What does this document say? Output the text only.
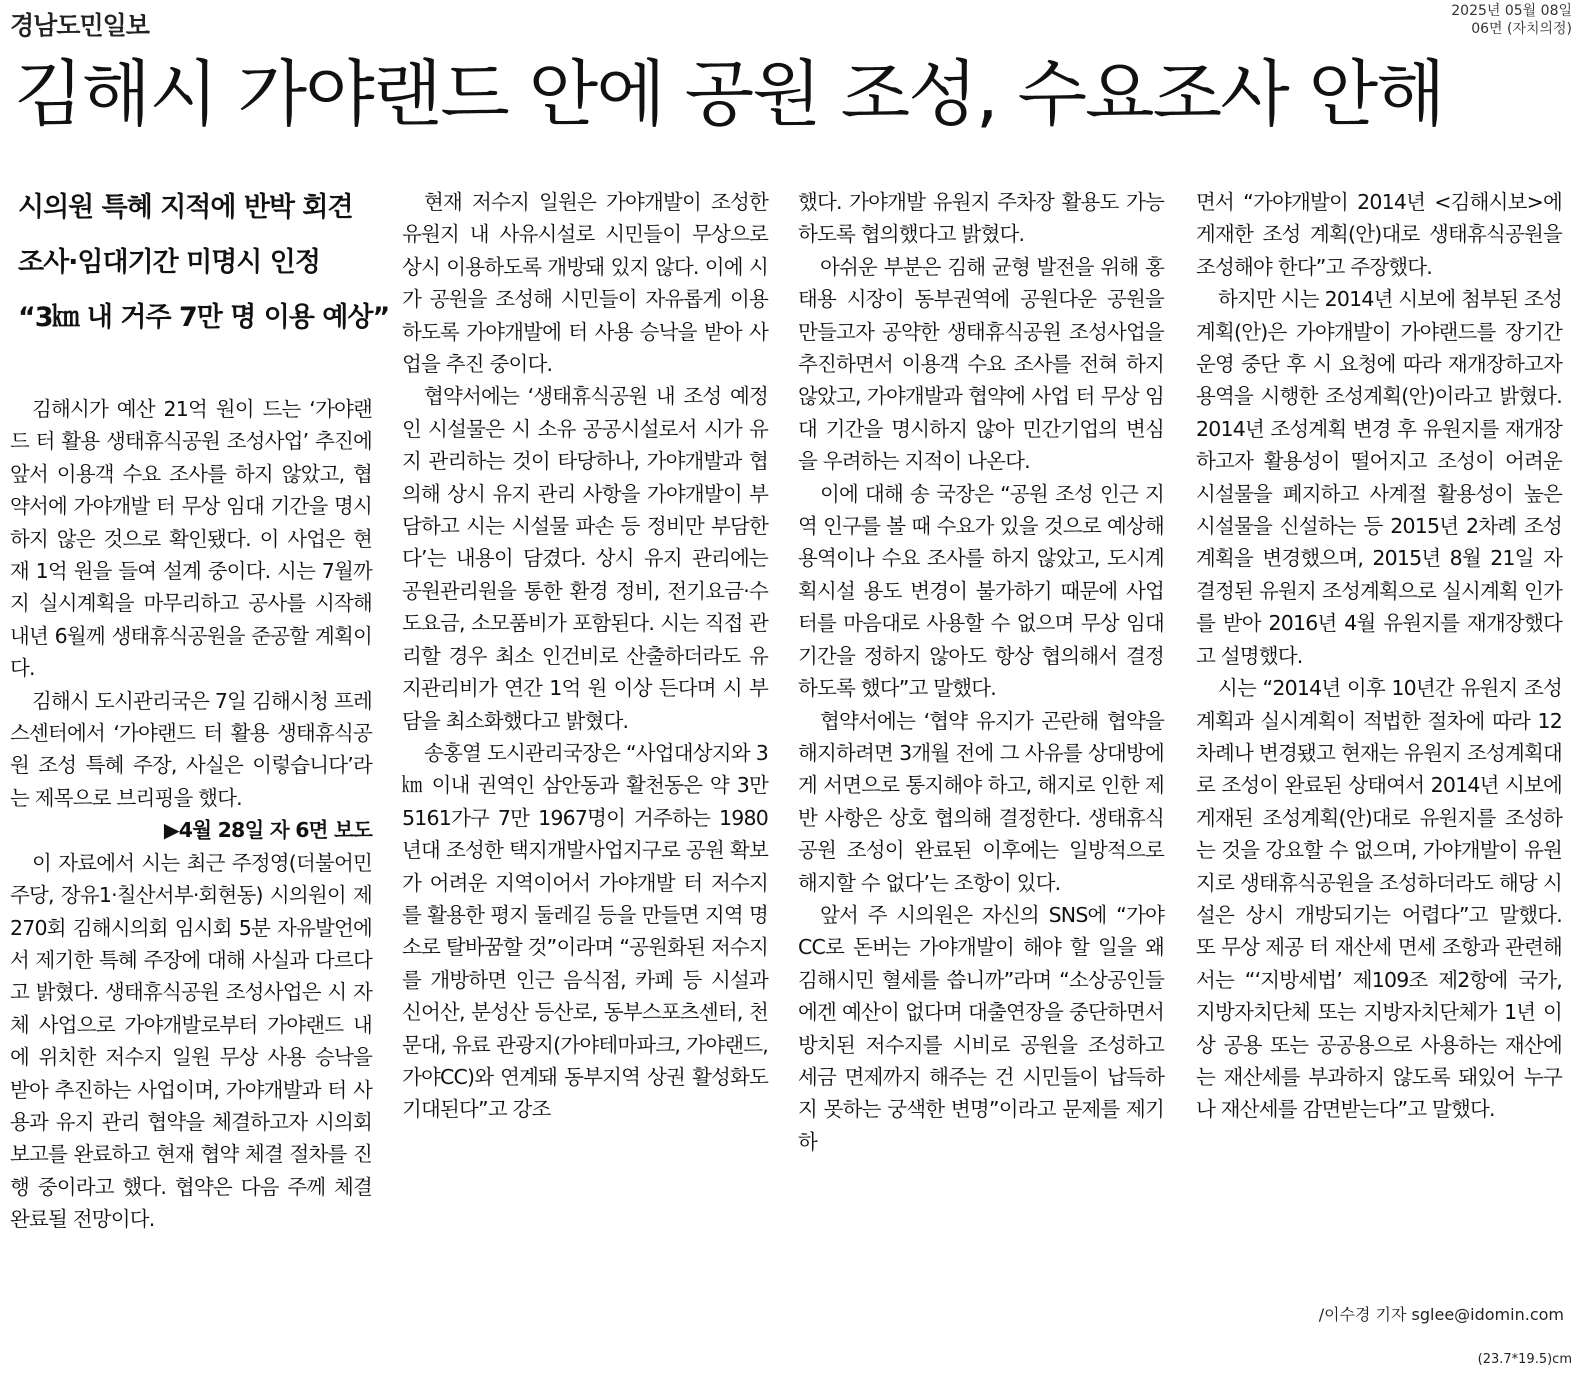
경남도민일보	2025년 05월 08일
06면 (자치의정)
김해시 가야랜드 안에 공원 조성, 수요조사 안해
시의원 특혜 지적에 반박 회견
조사·임대기간 미명시 인정
“3㎞ 내 거주 7만 명 이용 예상”

김해시가 예산 21억 원이 드는 ‘가야랜드 터 활용 생태휴식공원 조성사업’ 추진에 앞서 이용객 수요 조사를 하지 않았고, 협약서에 가야개발 터 무상 임대 기간을 명시하지 않은 것으로 확인됐다. 이 사업은 현재 1억 원을 들여 설계 중이다. 시는 7월까지 실시계획을 마무리하고 공사를 시작해 내년 6월께 생태휴식공원을 준공할 계획이다.

김해시 도시관리국은 7일 김해시청 프레스센터에서 ‘가야랜드 터 활용 생태휴식공원 조성 특혜 주장, 사실은 이렇습니다’라는 제목으로 브리핑을 했다.

▶4월 28일 자 6면 보도

이 자료에서 시는 최근 주정영(더불어민주당, 장유1·칠산서부·회현동) 시의원이 제270회 김해시의회 임시회 5분 자유발언에서 제기한 특혜 주장에 대해 사실과 다르다고 밝혔다. 생태휴식공원 조성사업은 시 자체 사업으로 가야개발로부터 가야랜드 내에 위치한 저수지 일원 무상 사용 승낙을 받아 추진하는 사업이며, 가야개발과 터 사용과 유지 관리 협약을 체결하고자 시의회 보고를 완료하고 현재 협약 체결 절차를 진행 중이라고 했다. 협약은 다음 주께 체결 완료될 전망이다.

현재 저수지 일원은 가야개발이 조성한 유원지 내 사유시설로 시민들이 무상으로 상시 이용하도록 개방돼 있지 않다. 이에 시가 공원을 조성해 시민들이 자유롭게 이용하도록 가야개발에 터 사용 승낙을 받아 사업을 추진 중이다.

협약서에는 ‘생태휴식공원 내 조성 예정인 시설물은 시 소유 공공시설로서 시가 유지 관리하는 것이 타당하나, 가야개발과 협의해 상시 유지 관리 사항을 가야개발이 부담하고 시는 시설물 파손 등 정비만 부담한다’는 내용이 담겼다. 상시 유지 관리에는 공원관리원을 통한 환경 정비, 전기요금·수도요금, 소모품비가 포함된다. 시는 직접 관리할 경우 최소 인건비로 산출하더라도 유지관리비가 연간 1억 원 이상 든다며 시 부담을 최소화했다고 밝혔다.

송홍열 도시관리국장은 “사업대상지와 3㎞ 이내 권역인 삼안동과 활천동은 약 3만 5161가구 7만 1967명이 거주하는 1980년대 조성한 택지개발사업지구로 공원 확보가 어려운 지역이어서 가야개발 터 저수지를 활용한 평지 둘레길 등을 만들면 지역 명소로 탈바꿈할 것”이라며 “공원화된 저수지를 개방하면 인근 음식점, 카페 등 시설과 신어산, 분성산 등산로, 동부스포츠센터, 천문대, 유료 관광지(가야테마파크, 가야랜드, 가야CC)와 연계돼 동부지역 상권 활성화도 기대된다”고 강조

했다. 가야개발 유원지 주차장 활용도 가능하도록 협의했다고 밝혔다.

아쉬운 부분은 김해 균형 발전을 위해 홍태용 시장이 동부권역에 공원다운 공원을 만들고자 공약한 생태휴식공원 조성사업을 추진하면서 이용객 수요 조사를 전혀 하지 않았고, 가야개발과 협약에 사업 터 무상 임대 기간을 명시하지 않아 민간기업의 변심을 우려하는 지적이 나온다.

이에 대해 송 국장은 “공원 조성 인근 지역 인구를 볼 때 수요가 있을 것으로 예상해 용역이나 수요 조사를 하지 않았고, 도시계획시설 용도 변경이 불가하기 때문에 사업 터를 마음대로 사용할 수 없으며 무상 임대 기간을 정하지 않아도 항상 협의해서 결정하도록 했다”고 말했다.

협약서에는 ‘협약 유지가 곤란해 협약을 해지하려면 3개월 전에 그 사유를 상대방에게 서면으로 통지해야 하고, 해지로 인한 제반 사항은 상호 협의해 결정한다. 생태휴식공원 조성이 완료된 이후에는 일방적으로 해지할 수 없다’는 조항이 있다.

앞서 주 시의원은 자신의 SNS에 “가야CC로 돈버는 가야개발이 해야 할 일을 왜 김해시민 혈세를 씁니까”라며 “소상공인들에겐 예산이 없다며 대출연장을 중단하면서 방치된 저수지를 시비로 공원을 조성하고 세금 면제까지 해주는 건 시민들이 납득하지 못하는 궁색한 변명”이라고 문제를 제기하

면서 “가야개발이 2014년 <김해시보>에 게재한 조성 계획(안)대로 생태휴식공원을 조성해야 한다”고 주장했다.

하지만 시는 2014년 시보에 첨부된 조성계획(안)은 가야개발이 가야랜드를 장기간 운영 중단 후 시 요청에 따라 재개장하고자 용역을 시행한 조성계획(안)이라고 밝혔다. 2014년 조성계획 변경 후 유원지를 재개장하고자 활용성이 떨어지고 조성이 어려운 시설물을 폐지하고 사계절 활용성이 높은 시설물을 신설하는 등 2015년 2차례 조성계획을 변경했으며, 2015년 8월 21일 자 결정된 유원지 조성계획으로 실시계획 인가를 받아 2016년 4월 유원지를 재개장했다고 설명했다.

시는 “2014년 이후 10년간 유원지 조성계획과 실시계획이 적법한 절차에 따라 12차례나 변경됐고 현재는 유원지 조성계획대로 조성이 완료된 상태여서 2014년 시보에 게재된 조성계획(안)대로 유원지를 조성하는 것을 강요할 수 없으며, 가야개발이 유원지로 생태휴식공원을 조성하더라도 해당 시설은 상시 개방되기는 어렵다”고 말했다. 또 무상 제공 터 재산세 면세 조항과 관련해서는 “‘지방세법’ 제109조 제2항에 국가, 지방자치단체 또는 지방자치단체가 1년 이상 공용 또는 공공용으로 사용하는 재산에는 재산세를 부과하지 않도록 돼있어 누구나 재산세를 감면받는다”고 말했다.

/이수경 기자 sglee@idomin.com
(23.7*19.5)cm
